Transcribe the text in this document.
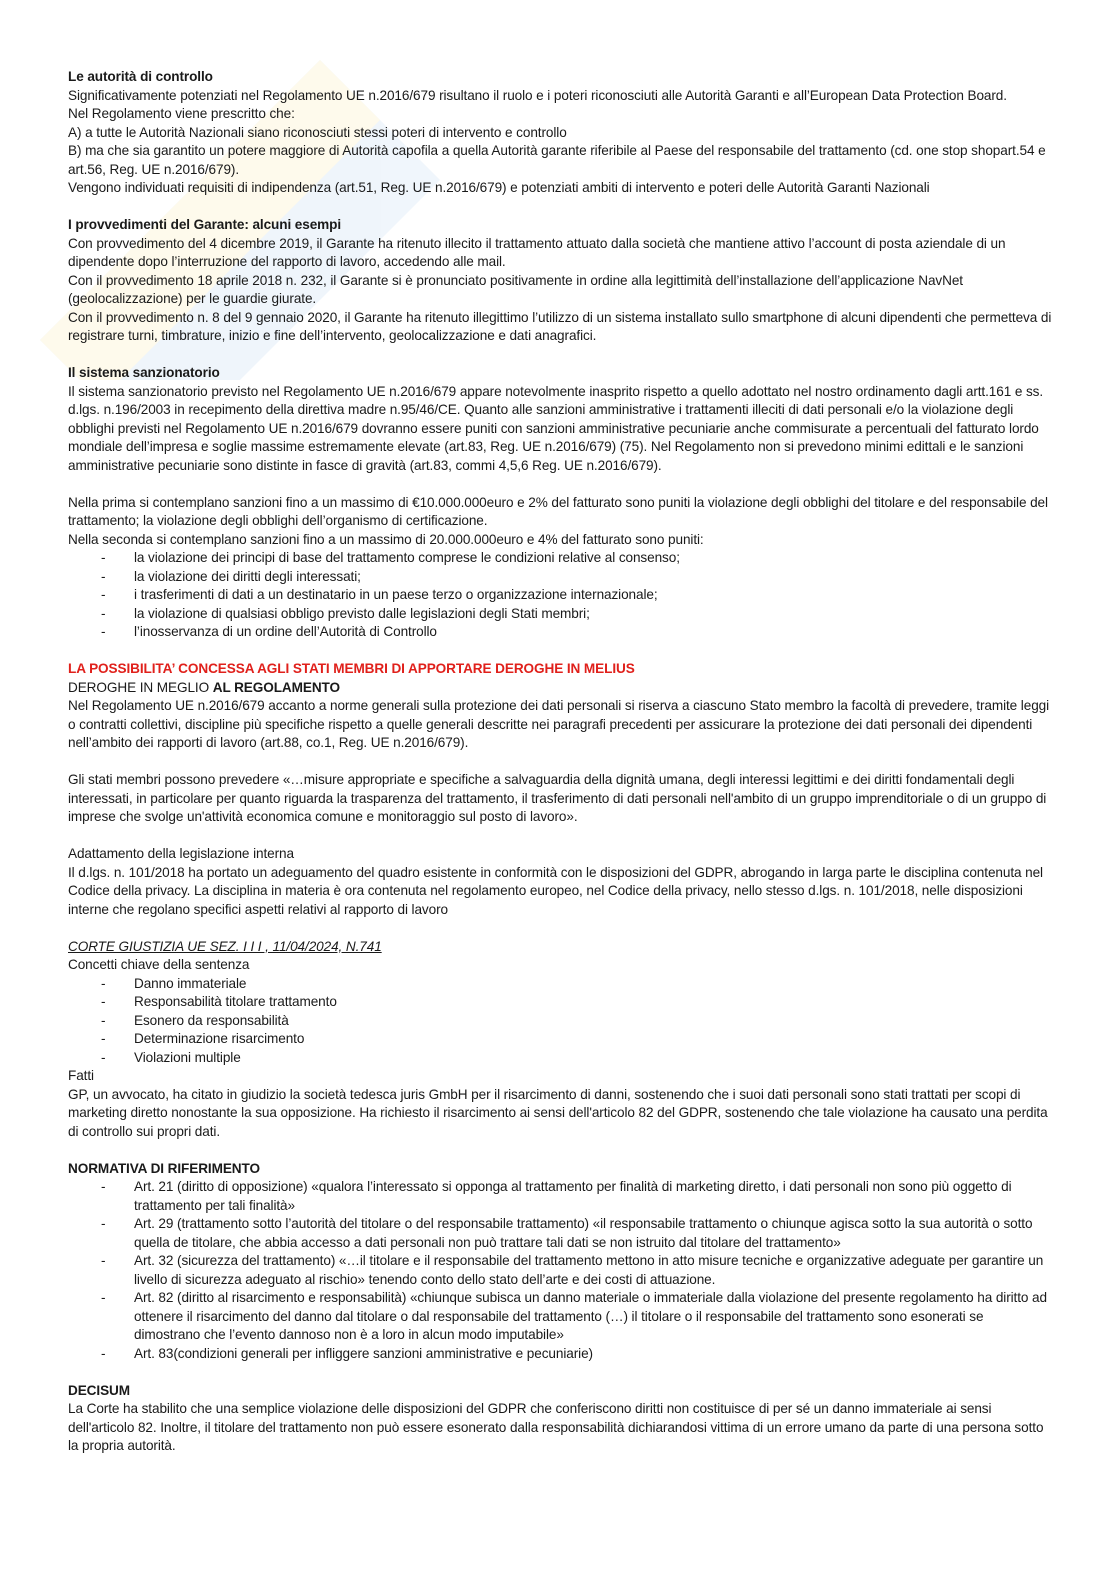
Le autorità di controllo

Significativamente potenziati nel Regolamento UE n.2016/679 risultano il ruolo e i poteri riconosciuti alle Autorità Garanti e all’European Data Protection Board.

Nel Regolamento viene prescritto che:

A) a tutte le Autorità Nazionali siano riconosciuti stessi poteri di intervento e controllo

B) ma che sia garantito un potere maggiore di Autorità capofila a quella Autorità garante riferibile al Paese del responsabile del trattamento (cd. one stop shopart.54 e art.56, Reg. UE n.2016/679).

Vengono individuati requisiti di indipendenza (art.51, Reg. UE n.2016/679) e potenziati ambiti di intervento e poteri delle Autorità Garanti Nazionali

I provvedimenti del Garante: alcuni esempi

Con provvedimento del 4 dicembre 2019, il Garante ha ritenuto illecito il trattamento attuato dalla società che mantiene attivo l’account di posta aziendale di un dipendente dopo l’interruzione del rapporto di lavoro, accedendo alle mail.

Con il provvedimento 18 aprile 2018 n. 232, il Garante si è pronunciato positivamente in ordine alla legittimità dell’installazione dell’applicazione NavNet (geolocalizzazione) per le guardie giurate.

Con il provvedimento n. 8 del 9 gennaio 2020, il Garante ha ritenuto illegittimo l’utilizzo di un sistema installato sullo smartphone di alcuni dipendenti che permetteva di registrare turni, timbrature, inizio e fine dell’intervento, geolocalizzazione e dati anagrafici.

Il sistema sanzionatorio

Il sistema sanzionatorio previsto nel Regolamento UE n.2016/679 appare notevolmente inasprito rispetto a quello adottato nel nostro ordinamento dagli artt.161 e ss. d.lgs. n.196/2003 in recepimento della direttiva madre n.95/46/CE. Quanto alle sanzioni amministrative i trattamenti illeciti di dati personali e/o la violazione degli obblighi previsti nel Regolamento UE n.2016/679 dovranno essere puniti con sanzioni amministrative pecuniarie anche commisurate a percentuali del fatturato lordo mondiale dell’impresa e soglie massime estremamente elevate (art.83, Reg. UE n.2016/679) (75). Nel Regolamento non si prevedono minimi edittali e le sanzioni amministrative pecuniarie sono distinte in fasce di gravità (art.83, commi 4,5,6 Reg. UE n.2016/679).

Nella prima si contemplano sanzioni fino a un massimo di €10.000.000euro e 2% del fatturato sono puniti la violazione degli obblighi del titolare e del responsabile del trattamento; la violazione degli obblighi dell’organismo di certificazione.

Nella seconda si contemplano sanzioni fino a un massimo di 20.000.000euro e 4% del fatturato sono puniti:

- la violazione dei principi di base del trattamento comprese le condizioni relative al consenso;
- la violazione dei diritti degli interessati;
- i trasferimenti di dati a un destinatario in un paese terzo o organizzazione internazionale;
- la violazione di qualsiasi obbligo previsto dalle legislazioni degli Stati membri;
- l’inosservanza di un ordine dell’Autorità di Controllo

LA POSSIBILITA’ CONCESSA AGLI STATI MEMBRI DI APPORTARE DEROGHE IN MELIUS

DEROGHE IN MEGLIO AL REGOLAMENTO

Nel Regolamento UE n.2016/679 accanto a norme generali sulla protezione dei dati personali si riserva a ciascuno Stato membro la facoltà di prevedere, tramite leggi o contratti collettivi, discipline più specifiche rispetto a quelle generali descritte nei paragrafi precedenti per assicurare la protezione dei dati personali dei dipendenti nell’ambito dei rapporti di lavoro (art.88, co.1, Reg. UE n.2016/679).

Gli stati membri possono prevedere «…misure appropriate e specifiche a salvaguardia della dignità umana, degli interessi legittimi e dei diritti fondamentali degli interessati, in particolare per quanto riguarda la trasparenza del trattamento, il trasferimento di dati personali nell'ambito di un gruppo imprenditoriale o di un gruppo di imprese che svolge un'attività economica comune e monitoraggio sul posto di lavoro».

Adattamento della legislazione interna

Il d.lgs. n. 101/2018 ha portato un adeguamento del quadro esistente in conformità con le disposizioni del GDPR, abrogando in larga parte le disciplina contenuta nel Codice della privacy. La disciplina in materia è ora contenuta nel regolamento europeo, nel Codice della privacy, nello stesso d.lgs. n. 101/2018, nelle disposizioni interne che regolano specifici aspetti relativi al rapporto di lavoro

CORTE GIUSTIZIA UE SEZ. I I I , 11/04/2024, N.741

Concetti chiave della sentenza

- Danno immateriale
- Responsabilità titolare trattamento
- Esonero da responsabilità
- Determinazione risarcimento
- Violazioni multiple

Fatti

GP, un avvocato, ha citato in giudizio la società tedesca juris GmbH per il risarcimento di danni, sostenendo che i suoi dati personali sono stati trattati per scopi di marketing diretto nonostante la sua opposizione. Ha richiesto il risarcimento ai sensi dell'articolo 82 del GDPR, sostenendo che tale violazione ha causato una perdita di controllo sui propri dati.

NORMATIVA DI RIFERIMENTO

- Art. 21 (diritto di opposizione) «qualora l’interessato si opponga al trattamento per finalità di marketing diretto, i dati personali non sono più oggetto di trattamento per tali finalità»
- Art. 29 (trattamento sotto l’autorità del titolare o del responsabile trattamento) «il responsabile trattamento o chiunque agisca sotto la sua autorità o sotto quella de titolare, che abbia accesso a dati personali non può trattare tali dati se non istruito dal titolare del trattamento»
- Art. 32 (sicurezza del trattamento) «…il titolare e il responsabile del trattamento mettono in atto misure tecniche e organizzative adeguate per garantire un livello di sicurezza adeguato al rischio» tenendo conto dello stato dell’arte e dei costi di attuazione.
- Art. 82 (diritto al risarcimento e responsabilità) «chiunque subisca un danno materiale o immateriale dalla violazione del presente regolamento ha diritto ad ottenere il risarcimento del danno dal titolare o dal responsabile del trattamento (…) il titolare o il responsabile del trattamento sono esonerati se dimostrano che l’evento dannoso non è a loro in alcun modo imputabile»
- Art. 83(condizioni generali per infliggere sanzioni amministrative e pecuniarie)

DECISUM

La Corte ha stabilito che una semplice violazione delle disposizioni del GDPR che conferiscono diritti non costituisce di per sé un danno immateriale ai sensi dell'articolo 82. Inoltre, il titolare del trattamento non può essere esonerato dalla responsabilità dichiarandosi vittima di un errore umano da parte di una persona sotto la propria autorità.
